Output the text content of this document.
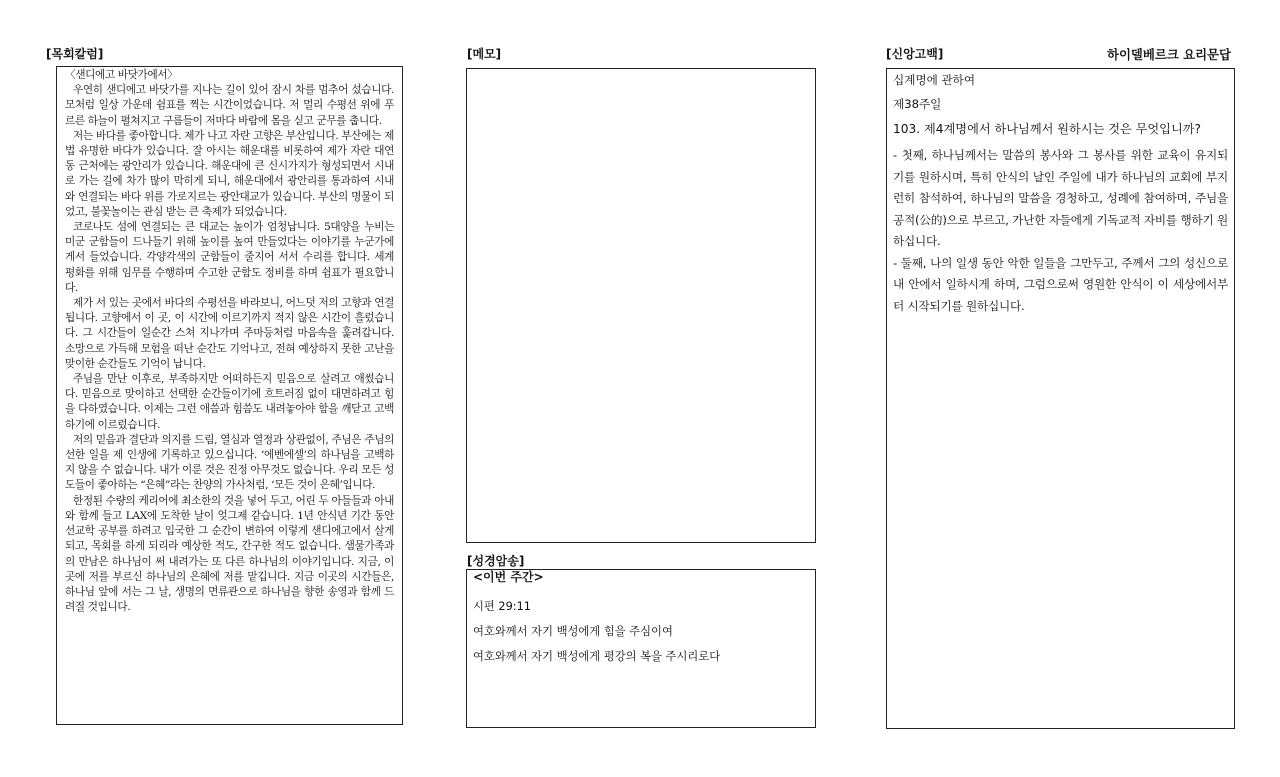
[목회칼럼]

〈샌디에고 바닷가에서〉

우연히 샌디에고 바닷가를 지나는 길이 있어 잠시 차를 멈추어 섰습니다. 모처럼 일상 가운데 쉼표를 찍는 시간이었습니다. 저 멀리 수평선 위에 푸르른 하늘이 펼쳐지고 구름들이 저마다 바람에 몸을 싣고 군무를 춥니다.

저는 바다를 좋아합니다. 제가 나고 자란 고향은 부산입니다. 부산에는 제법 유명한 바다가 있습니다. 잘 아시는 해운대를 비롯하여 제가 자란 대연동 근처에는 광안리가 있습니다. 해운대에 큰 신시가지가 형성되면서 시내로 가는 길에 차가 많이 막히게 되니, 해운대에서 광안리를 통과하여 시내와 연결되는 바다 위를 가로지르는 광안대교가 있습니다. 부산의 명물이 되었고, 불꽃놀이는 관심 받는 큰 축제가 되었습니다.

코로나도 섬에 연결되는 큰 대교는 높이가 엄청납니다. 5대양을 누비는 미군 군함들이 드나들기 위해 높이를 높여 만들었다는 이야기를 누군가에게서 들었습니다. 각양각색의 군함들이 줄지어 서서 수리를 합니다. 세계 평화를 위해 임무를 수행하며 수고한 군함도 정비를 하며 쉼표가 필요합니다.

제가 서 있는 곳에서 바다의 수평선을 바라보니, 어느덧 저의 고향과 연결됩니다. 고향에서 이 곳, 이 시간에 이르기까지 적지 않은 시간이 흘렀습니다. 그 시간들이 일순간 스쳐 지나가며 주마등처럼 마음속을 훑려갑니다. 소망으로 가득해 모험을 떠난 순간도 기억나고, 전혀 예상하지 못한 고난을 맞이한 순간들도 기억이 납니다.

주님을 만난 이후로, 부족하지만 어떠하든지 믿음으로 살려고 애썼습니다. 믿음으로 맞이하고 선택한 순간들이기에 흐트러짐 없이 대면하려고 힘을 다하였습니다. 이제는 그런 애씀과 힘씀도 내려놓아야 함을 깨닫고 고백하기에 이르렀습니다.

저의 믿음과 결단과 의지를 드림, 열심과 열정과 상관없이, 주님은 주님의 선한 일을 제 인생에 기록하고 있으십니다. ‘에벤에셀’의 하나님을 고백하지 않을 수 없습니다. 내가 이룬 것은 진정 아무것도 없습니다. 우리 모든 성도들이 좋아하는 “은혜”라는 찬양의 가사처럼, ‘모든 것이 은혜’입니다.

한정된 수량의 케리어에 최소한의 것을 넣어 두고, 어린 두 아들들과 아내와 함께 들고 LAX에 도착한 날이 엊그제 같습니다. 1년 안식년 기간 동안 선교학 공부를 하려고 입국한 그 순간이 변하여 이렇게 샌디에고에서 살게 되고, 목회를 하게 되리라 예상한 적도, 간구한 적도 없습니다. 샘물가족과의 만남은 하나님이 써 내려가는 또 다른 하나님의 이야기입니다. 지금, 이 곳에 저를 부르신 하나님의 은혜에 저를 맡깁니다. 지금 이곳의 시간들은, 하나님 앞에 서는 그 날, 생명의 면류관으로 하나님을 향한 송영과 함께 드려질 것입니다.

[메모]
[성경암송]

<이번 주간>

시편 29:11

여호와께서 자기 백성에게 힘을 주심이여

여호와께서 자기 백성에게 평강의 복을 주시리로다

[신앙고백]	하이델베르크 요리문답

십계명에 관하여

제38주일

103. 제4계명에서 하나님께서 원하시는 것은 무엇입니까?

- 첫째, 하나님께서는 말씀의 봉사와 그 봉사를 위한 교육이 유지되기를 원하시며, 특히 안식의 날인 주일에 내가 하나님의 교회에 부지런히 참석하여, 하나님의 말씀을 경청하고, 성례에 참여하며, 주님을 공적(公的)으로 부르고, 가난한 자들에게 기독교적 자비를 행하기 원하십니다.

- 둘째, 나의 일생 동안 악한 일들을 그만두고, 주께서 그의 성신으로 내 안에서 일하시게 하며, 그럼으로써 영원한 안식이 이 세상에서부터 시작되기를 원하십니다.
